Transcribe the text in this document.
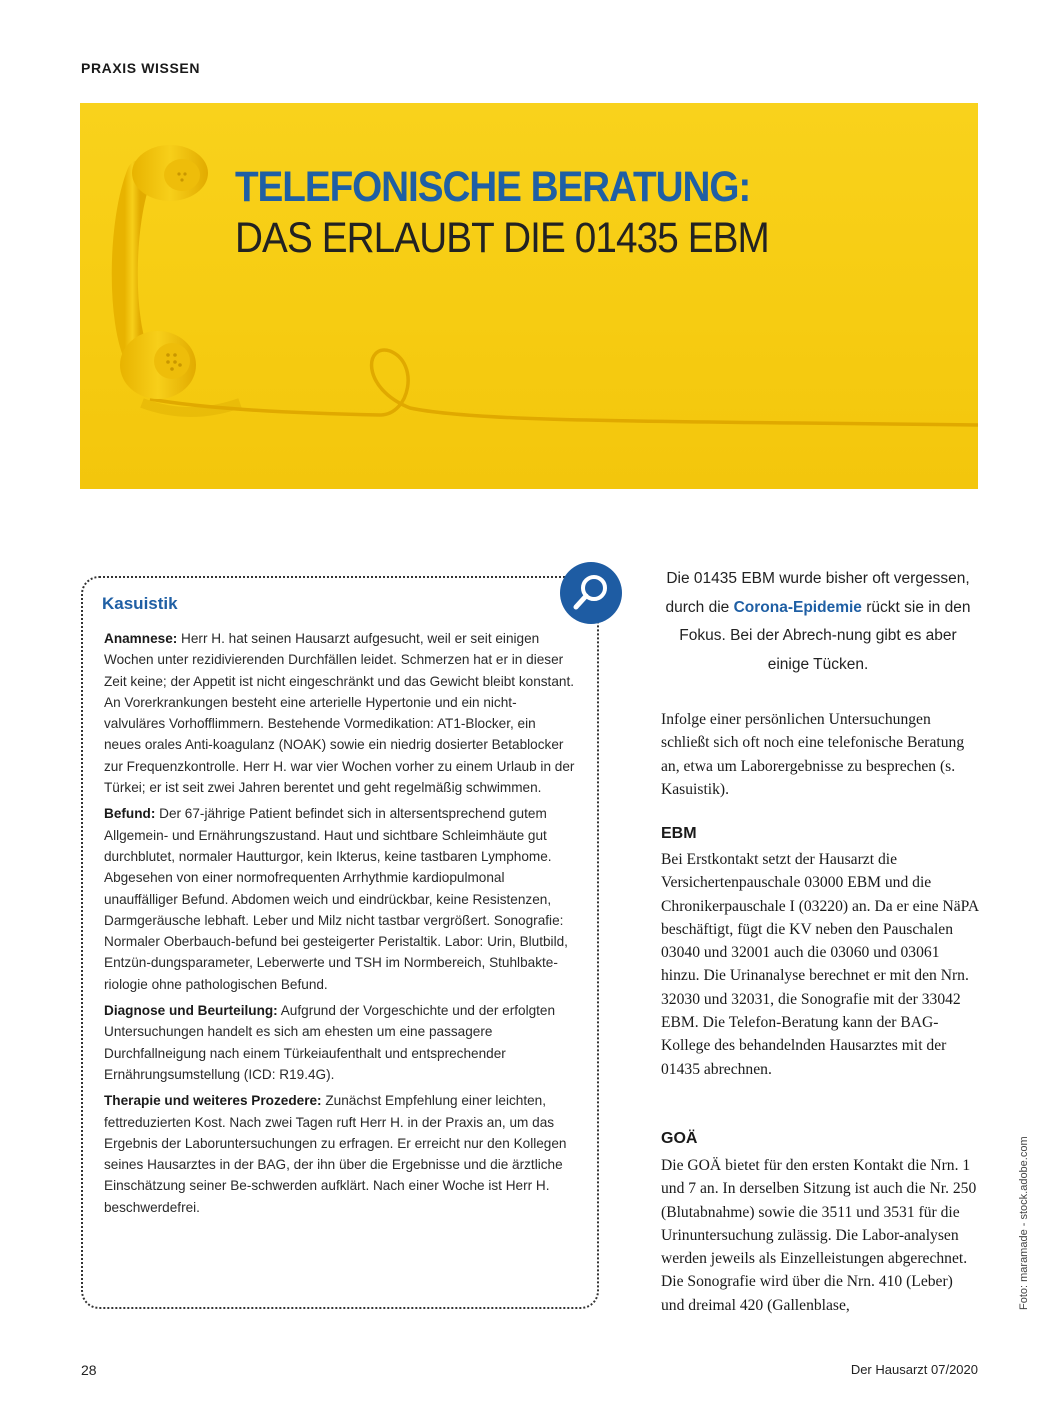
PRAXIS WISSEN
TELEFONISCHE BERATUNG:
DAS ERLAUBT DIE 01435 EBM
Kasuistik

Anamnese: Herr H. hat seinen Hausarzt aufgesucht, weil er seit einigen Wochen unter rezidivierenden Durchfällen leidet. Schmerzen hat er in dieser Zeit keine; der Appetit ist nicht eingeschränkt und das Gewicht bleibt konstant. An Vorerkrankungen besteht eine arterielle Hypertonie und ein nicht-valvuläres Vorhofflimmern. Bestehende Vormedikation: AT1-Blocker, ein neues orales Anti-koagulanz (NOAK) sowie ein niedrig dosierter Betablocker zur Frequenzkontrolle. Herr H. war vier Wochen vorher zu einem Urlaub in der Türkei; er ist seit zwei Jahren berentet und geht regelmäßig schwimmen.

Befund: Der 67-jährige Patient befindet sich in altersentsprechend gutem Allgemein- und Ernährungszustand. Haut und sichtbare Schleimhäute gut durchblutet, normaler Hautturgor, kein Ikterus, keine tastbaren Lymphome. Abgesehen von einer normofrequenten Arrhythmie kardiopulmonal unauffälliger Befund. Abdomen weich und eindrückbar, keine Resistenzen, Darmgeräusche lebhaft. Leber und Milz nicht tastbar vergrößert. Sonografie: Normaler Oberbauch-befund bei gesteigerter Peristaltik. Labor: Urin, Blutbild, Entzün-dungsparameter, Leberwerte und TSH im Normbereich, Stuhlbakte-riologie ohne pathologischen Befund.

Diagnose und Beurteilung: Aufgrund der Vorgeschichte und der erfolgten Untersuchungen handelt es sich am ehesten um eine passagere Durchfallneigung nach einem Türkeiaufenthalt und entsprechender Ernährungsumstellung (ICD: R19.4G).

Therapie und weiteres Prozedere: Zunächst Empfehlung einer leichten, fettreduzierten Kost. Nach zwei Tagen ruft Herr H. in der Praxis an, um das Ergebnis der Laboruntersuchungen zu erfragen. Er erreicht nur den Kollegen seines Hausarztes in der BAG, der ihn über die Ergebnisse und die ärztliche Einschätzung seiner Be-schwerden aufklärt. Nach einer Woche ist Herr H. beschwerdefrei.

Die 01435 EBM wurde bisher oft vergessen, durch die Corona-Epidemie rückt sie in den Fokus. Bei der Abrech-nung gibt es aber einige Tücken.
Infolge einer persönlichen Untersuchungen schließt sich oft noch eine telefonische Beratung an, etwa um Laborergebnisse zu besprechen (s. Kasuistik).
EBM
Bei Erstkontakt setzt der Hausarzt die Versichertenpauschale 03000 EBM und die Chronikerpauschale I (03220) an. Da er eine NäPA beschäftigt, fügt die KV neben den Pauschalen 03040 und 32001 auch die 03060 und 03061 hinzu. Die Urinanalyse berechnet er mit den Nrn. 32030 und 32031, die Sonografie mit der 33042 EBM. Die Telefon-Beratung kann der BAG-Kollege des behandelnden Hausarztes mit der 01435 abrechnen.
GOÄ
Die GOÄ bietet für den ersten Kontakt die Nrn. 1 und 7 an. In derselben Sitzung ist auch die Nr. 250 (Blutabnahme) sowie die 3511 und 3531 für die Urinuntersuchung zulässig. Die Labor-analysen werden jeweils als Einzelleistungen abgerechnet. Die Sonografie wird über die Nrn. 410 (Leber) und dreimal 420 (Gallenblase,	Foto: maramade - stock.adobe.com
28	Der Hausarzt 07/2020
